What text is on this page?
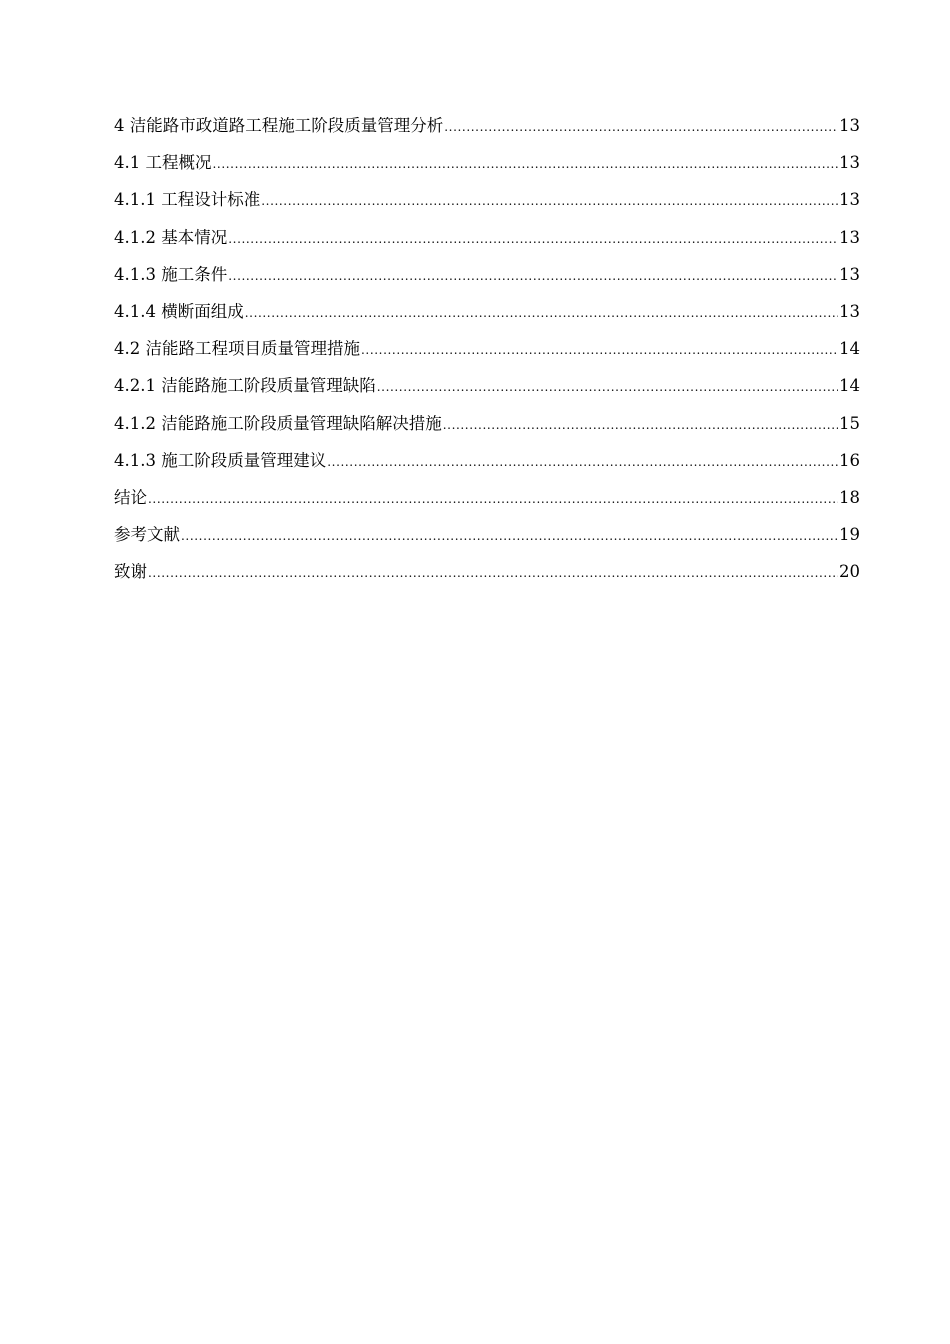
4 洁能路市政道路工程施工阶段质量管理分析 .....	13
4.1 工程概况 .....	13
4.1.1 工程设计标准 .....	13
4.1.2 基本情况 .....	13
4.1.3 施工条件 .....	13
4.1.4 横断面组成 .....	13
4.2 洁能路工程项目质量管理措施 .....	14
4.2.1 洁能路施工阶段质量管理缺陷 .....	14
4.1.2 洁能路施工阶段质量管理缺陷解决措施 .....	15
4.1.3 施工阶段质量管理建议 .....	16
结论 .....	18
参考文献 .....	19
致谢 .....	20
